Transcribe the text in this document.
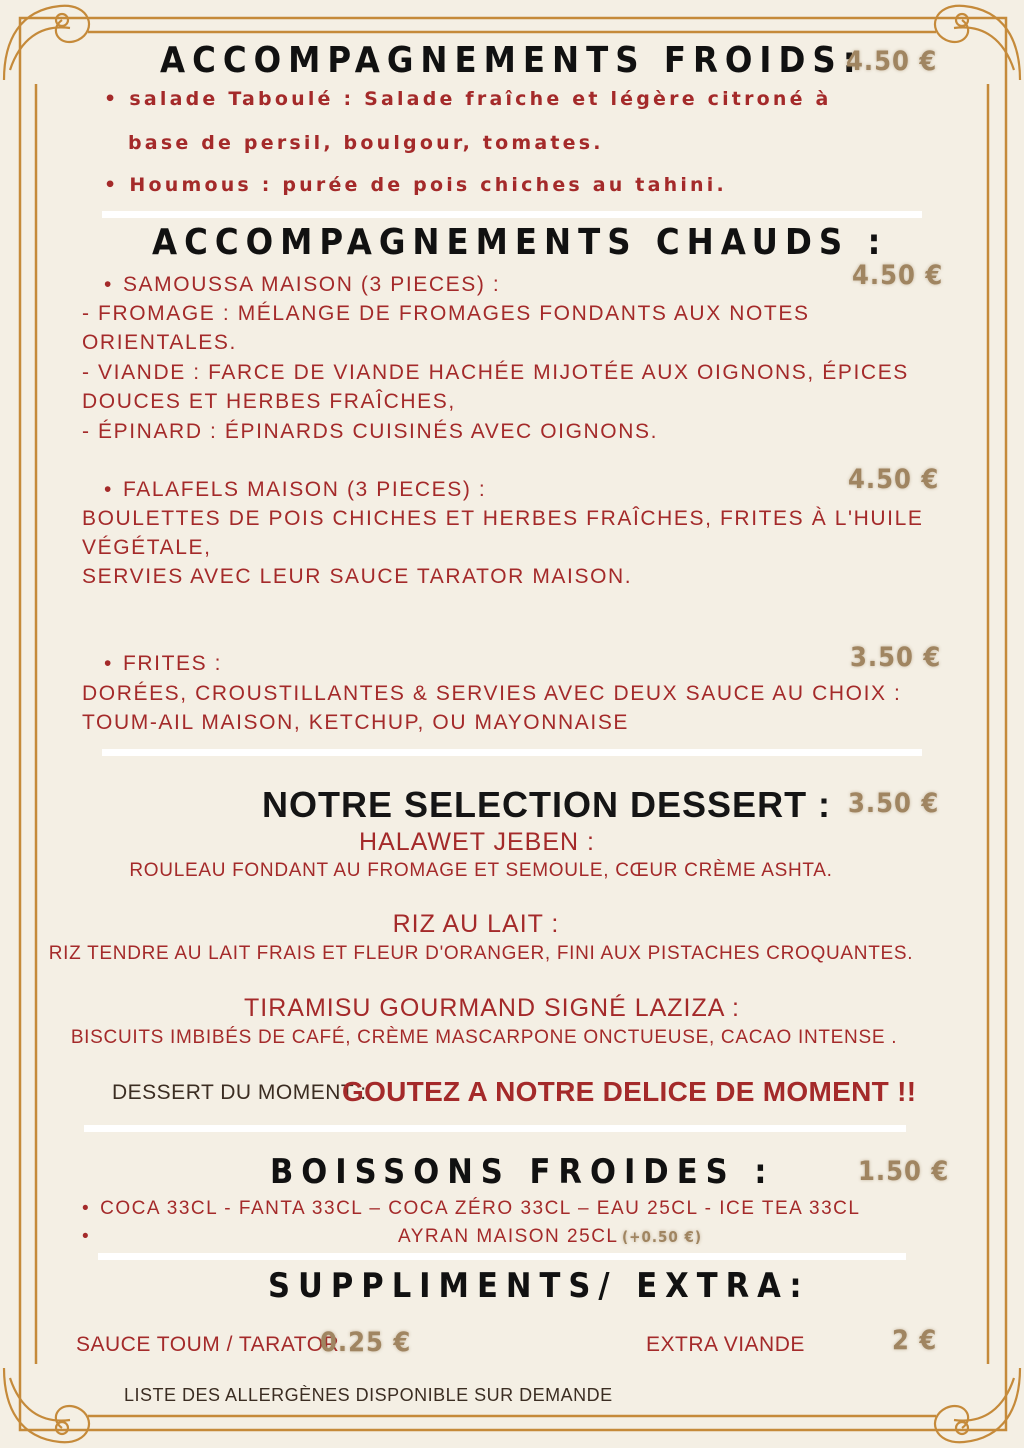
ACCOMPAGNEMENTS FROIDS:
4.50 €
• salade Taboulé : Salade fraîche et légère citroné à
base de persil, boulgour, tomates.
• Houmous : purée de pois chiches au tahini.
ACCOMPAGNEMENTS CHAUDS :
4.50 €
• SAMOUSSA MAISON (3 PIECES) :
- FROMAGE : MÉLANGE DE FROMAGES FONDANTS AUX NOTES
ORIENTALES.
- VIANDE : FARCE DE VIANDE HACHÉE MIJOTÉE AUX OIGNONS, ÉPICES
DOUCES ET HERBES FRAÎCHES,
- ÉPINARD : ÉPINARDS CUISINÉS AVEC OIGNONS.
4.50 €
• FALAFELS MAISON (3 PIECES) :
BOULETTES DE POIS CHICHES ET HERBES FRAÎCHES, FRITES À L'HUILE
VÉGÉTALE,
SERVIES AVEC LEUR SAUCE TARATOR MAISON.
3.50 €
• FRITES :
DORÉES, CROUSTILLANTES & SERVIES AVEC DEUX SAUCE AU CHOIX :
TOUM-AIL MAISON, KETCHUP, OU MAYONNAISE
NOTRE SELECTION DESSERT : 3.50 €
HALAWET JEBEN :
ROULEAU FONDANT AU FROMAGE ET SEMOULE, CŒUR CRÈME ASHTA.
RIZ AU LAIT :
RIZ TENDRE AU LAIT FRAIS ET FLEUR D'ORANGER, FINI AUX PISTACHES CROQUANTES.
TIRAMISU GOURMAND SIGNÉ LAZIZA :
BISCUITS IMBIBÉS DE CAFÉ, CRÈME MASCARPONE ONCTUEUSE, CACAO INTENSE .
DESSERT DU MOMENT :
GOUTEZ A NOTRE DELICE DE MOMENT !!
BOISSONS FROIDES :	1.50 €
• COCA 33CL - FANTA 33CL – COCA ZÉRO 33CL – EAU 25CL - ICE TEA 33CL
•
AYRAN MAISON 25CL (+0.50 €)
SUPPLIMENTS/ EXTRA:
SAUCE TOUM / TARATOR
0.25 €	EXTRA VIANDE	2 €
LISTE DES ALLERGÈNES DISPONIBLE SUR DEMANDE
